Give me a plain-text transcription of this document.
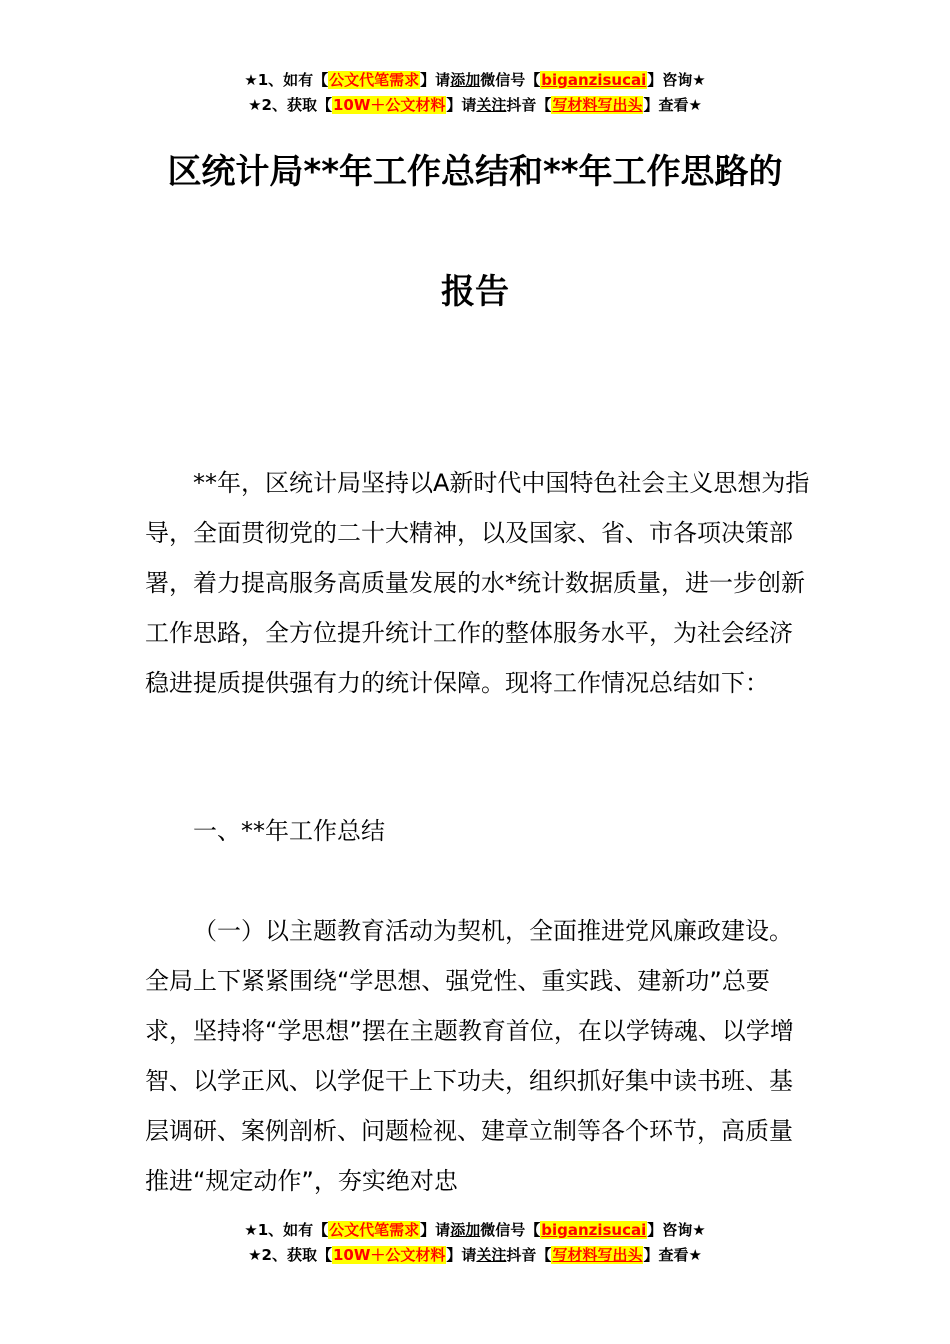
★1、如有【公文代笔需求】请添加微信号【biganzisucai】咨询★
★2、获取【10W＋公文材料】请关注抖音【写材料写出头】查看★
区统计局**年工作总结和**年工作思路的
报告
**年，区统计局坚持以A新时代中国特色社会主义思想为指导，全面贯彻党的二十大精神，以及国家、省、市各项决策部署，着力提高服务高质量发展的水*统计数据质量，进一步创新工作思路，全方位提升统计工作的整体服务水平，为社会经济稳进提质提供强有力的统计保障。现将工作情况总结如下：
一、**年工作总结
（一）以主题教育活动为契机，全面推进党风廉政建设。全局上下紧紧围绕“学思想、强党性、重实践、建新功”总要求，坚持将“学思想”摆在主题教育首位，在以学铸魂、以学增智、以学正风、以学促干上下功夫，组织抓好集中读书班、基层调研、案例剖析、问题检视、建章立制等各个环节，高质量推进“规定动作”，夯实绝对忠
★1、如有【公文代笔需求】请添加微信号【biganzisucai】咨询★
★2、获取【10W＋公文材料】请关注抖音【写材料写出头】查看★
